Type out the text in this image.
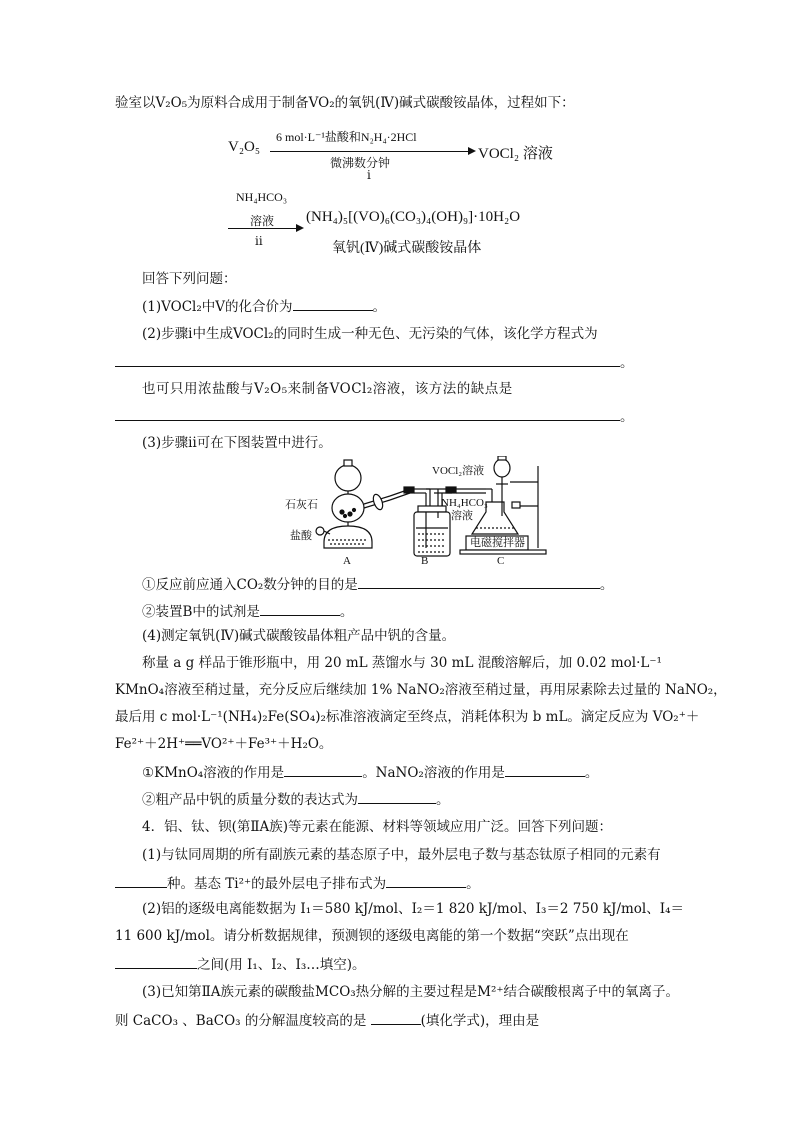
验室以V₂O₅为原料合成用于制备VO₂的氧钒(Ⅳ)碱式碳酸铵晶体，过程如下：
V₂O₅
6 mol·L⁻¹盐酸和N₂H₄·2HCl
微沸数分钟
ⅰ
VOCl₂ 溶液
NH₄HCO₃
溶液
ⅱ
(NH₄)₅[(VO)₆(CO₃)₄(OH)₉]·10H₂O
氧钒(Ⅳ)碱式碳酸铵晶体
回答下列问题：
(1)VOCl₂中V的化合价为	。
(2)步骤ⅰ中生成VOCl₂的同时生成一种无色、无污染的气体，该化学方程式为
。
也可只用浓盐酸与V₂O₅来制备VOCl₂溶液，该方法的缺点是
。
(3)步骤ⅱ可在下图装置中进行。
石灰石
盐酸
VOCl₂溶液
NH₄HCO₃
溶液
电磁搅拌器
A	B	C
①反应前应通入CO₂数分钟的目的是	。
②装置B中的试剂是	。
(4)测定氧钒(Ⅳ)碱式碳酸铵晶体粗产品中钒的含量。
称量 a g 样品于锥形瓶中，用 20 mL 蒸馏水与 30 mL 混酸溶解后，加 0.02 mol·L⁻¹
KMnO₄溶液至稍过量，充分反应后继续加 1% NaNO₂溶液至稍过量，再用尿素除去过量的 NaNO₂，
最后用 c mol·L⁻¹(NH₄)₂Fe(SO₄)₂标准溶液滴定至终点，消耗体积为 b mL。滴定反应为 VO₂⁺＋
Fe²⁺＋2H⁺══VO²⁺＋Fe³⁺＋H₂O。
①KMnO₄溶液的作用是	。NaNO₂溶液的作用是	。
②粗产品中钒的质量分数的表达式为	。
4．铝、钛、钡(第ⅡA族)等元素在能源、材料等领域应用广泛。回答下列问题：
(1)与钛同周期的所有副族元素的基态原子中，最外层电子数与基态钛原子相同的元素有
种。基态 Ti²⁺的最外层电子排布式为	。
(2)铝的逐级电离能数据为 I₁＝580 kJ/mol、I₂＝1 820 kJ/mol、I₃＝2 750 kJ/mol、I₄＝
11 600 kJ/mol。请分析数据规律，预测钡的逐级电离能的第一个数据“突跃”点出现在
之间(用 I₁、I₂、I₃…填空)。
(3)已知第ⅡA族元素的碳酸盐MCO₃热分解的主要过程是M²⁺结合碳酸根离子中的氧离子。
则 CaCO₃ 、BaCO₃ 的分解温度较高的是	(填化学式)，理由是
